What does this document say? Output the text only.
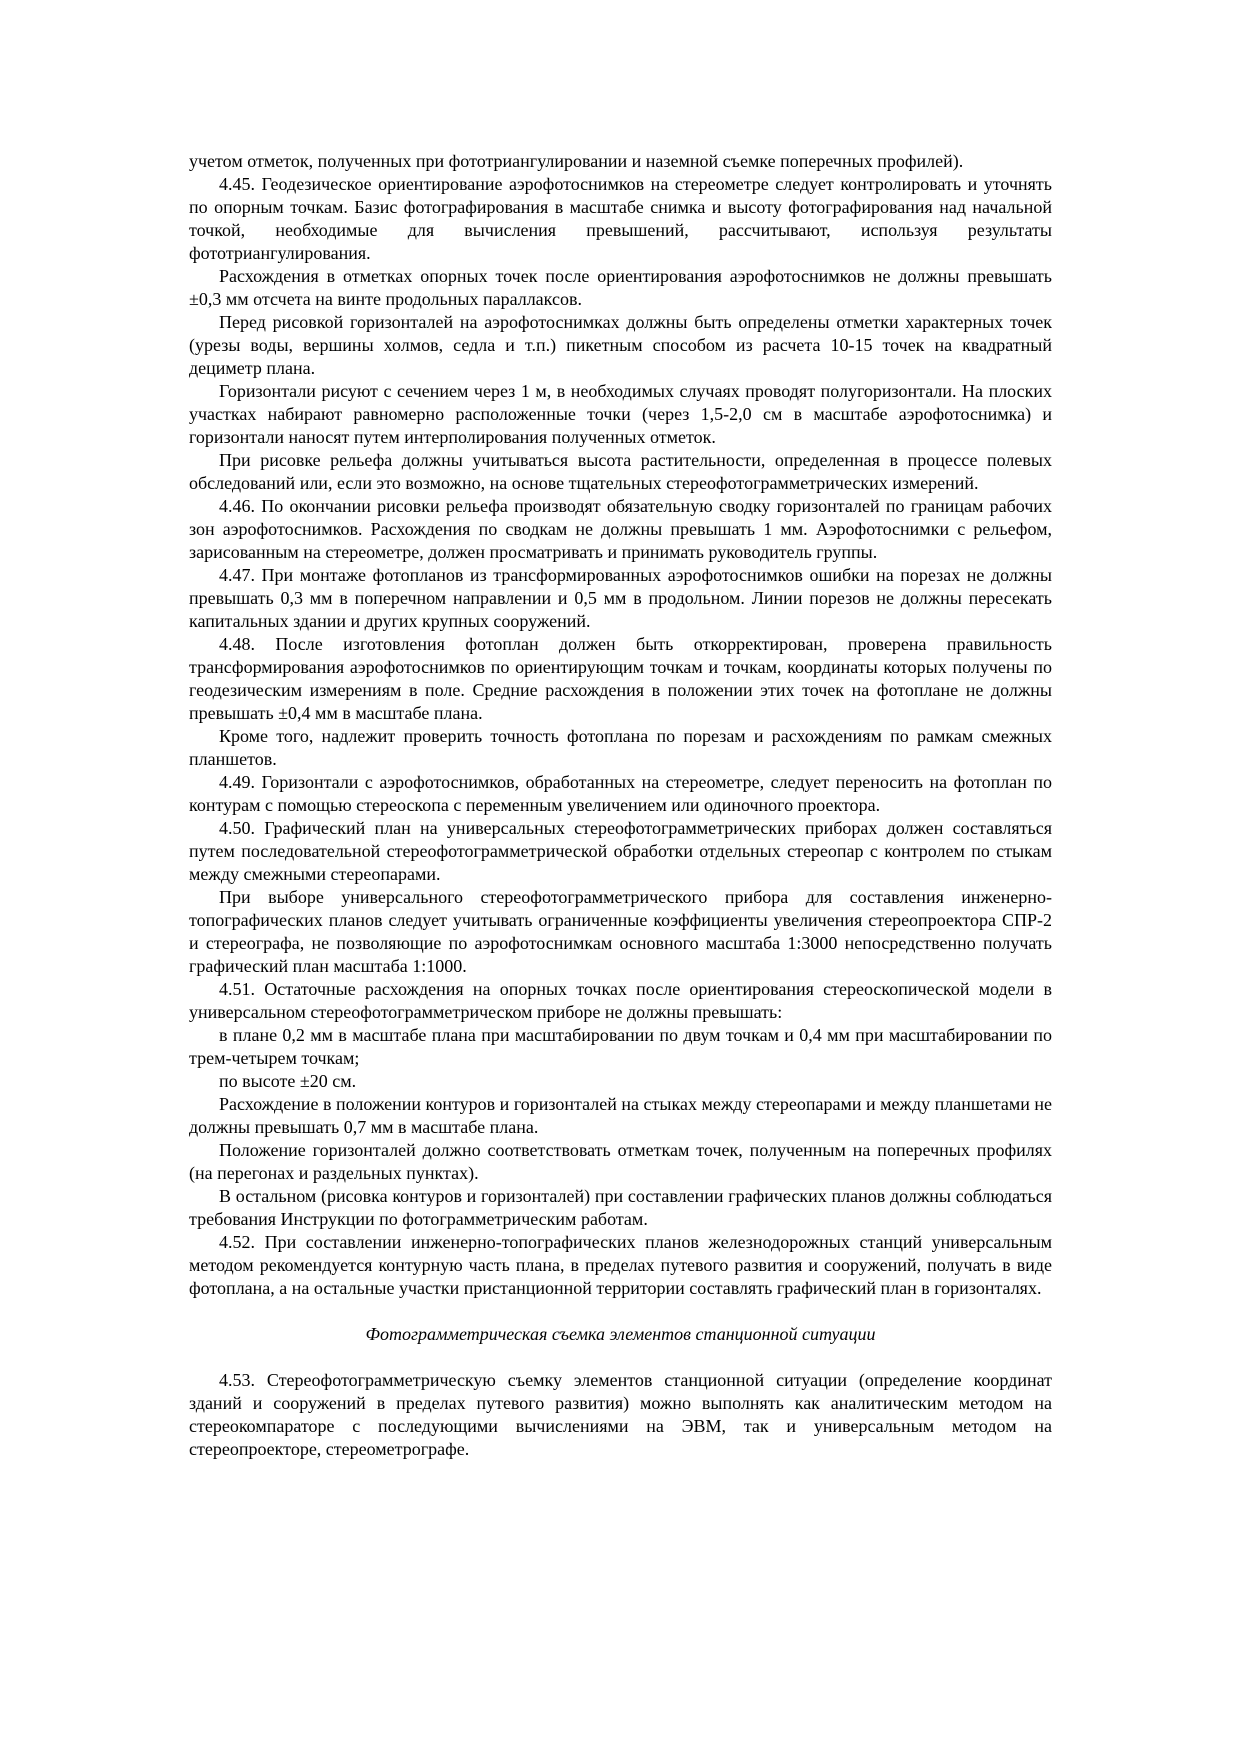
учетом отметок, полученных при фототриангулировании и наземной съемке поперечных профилей).

4.45. Геодезическое ориентирование аэрофотоснимков на стереометре следует контролировать и уточнять по опорным точкам. Базис фотографирования в масштабе снимка и высоту фотографирования над начальной точкой, необходимые для вычисления превышений, рассчитывают, используя результаты фототриангулирования.

Расхождения в отметках опорных точек после ориентирования аэрофотоснимков не должны превышать ±0,3 мм отсчета на винте продольных параллаксов.

Перед рисовкой горизонталей на аэрофотоснимках должны быть определены отметки характерных точек (урезы воды, вершины холмов, седла и т.п.) пикетным способом из расчета 10-15 точек на квадратный дециметр плана.

Горизонтали рисуют с сечением через 1 м, в необходимых случаях проводят полугоризонтали. На плоских участках набирают равномерно расположенные точки (через 1,5-2,0 см в масштабе аэрофотоснимка) и горизонтали наносят путем интерполирования полученных отметок.

При рисовке рельефа должны учитываться высота растительности, определенная в процессе полевых обследований или, если это возможно, на основе тщательных стереофотограмметрических измерений.

4.46. По окончании рисовки рельефа производят обязательную сводку горизонталей по границам рабочих зон аэрофотоснимков. Расхождения по сводкам не должны превышать 1 мм. Аэрофотоснимки с рельефом, зарисованным на стереометре, должен просматривать и принимать руководитель группы.

4.47. При монтаже фотопланов из трансформированных аэрофотоснимков ошибки на порезах не должны превышать 0,3 мм в поперечном направлении и 0,5 мм в продольном. Линии порезов не должны пересекать капитальных здании и других крупных сооружений.

4.48. После изготовления фотоплан должен быть откорректирован, проверена правильность трансформирования аэрофотоснимков по ориентирующим точкам и точкам, координаты которых получены по геодезическим измерениям в поле. Средние расхождения в положении этих точек на фотоплане не должны превышать ±0,4 мм в масштабе плана.

Кроме того, надлежит проверить точность фотоплана по порезам и расхождениям по рамкам смежных планшетов.

4.49. Горизонтали с аэрофотоснимков, обработанных на стереометре, следует переносить на фотоплан по контурам с помощью стереоскопа с переменным увеличением или одиночного проектора.

4.50. Графический план на универсальных стереофотограмметрических приборах должен составляться путем последовательной стереофотограмметрической обработки отдельных стереопар с контролем по стыкам между смежными стереопарами.

При выборе универсального стереофотограмметрического прибора для составления инженерно-топографических планов следует учитывать ограниченные коэффициенты увеличения стереопроектора СПР-2 и стереографа, не позволяющие по аэрофотоснимкам основного масштаба 1:3000 непосредственно получать графический план масштаба 1:1000.

4.51. Остаточные расхождения на опорных точках после ориентирования стереоскопической модели в универсальном стереофотограмметрическом приборе не должны превышать:

в плане 0,2 мм в масштабе плана при масштабировании по двум точкам и 0,4 мм при масштабировании по трем-четырем точкам;

по высоте ±20 см.

Расхождение в положении контуров и горизонталей на стыках между стереопарами и между планшетами не должны превышать 0,7 мм в масштабе плана.

Положение горизонталей должно соответствовать отметкам точек, полученным на поперечных профилях (на перегонах и раздельных пунктах).

В остальном (рисовка контуров и горизонталей) при составлении графических планов должны соблюдаться требования Инструкции по фотограмметрическим работам.

4.52. При составлении инженерно-топографических планов железнодорожных станций универсальным методом рекомендуется контурную часть плана, в пределах путевого развития и сооружений, получать в виде фотоплана, а на остальные участки пристанционной территории составлять графический план в горизонталях.

Фотограмметрическая съемка элементов станционной ситуации

4.53. Стереофотограмметрическую съемку элементов станционной ситуации (определение координат зданий и сооружений в пределах путевого развития) можно выполнять как аналитическим методом на стереокомпараторе с последующими вычислениями на ЭВМ, так и универсальным методом на стереопроекторе, стереометрографе.
